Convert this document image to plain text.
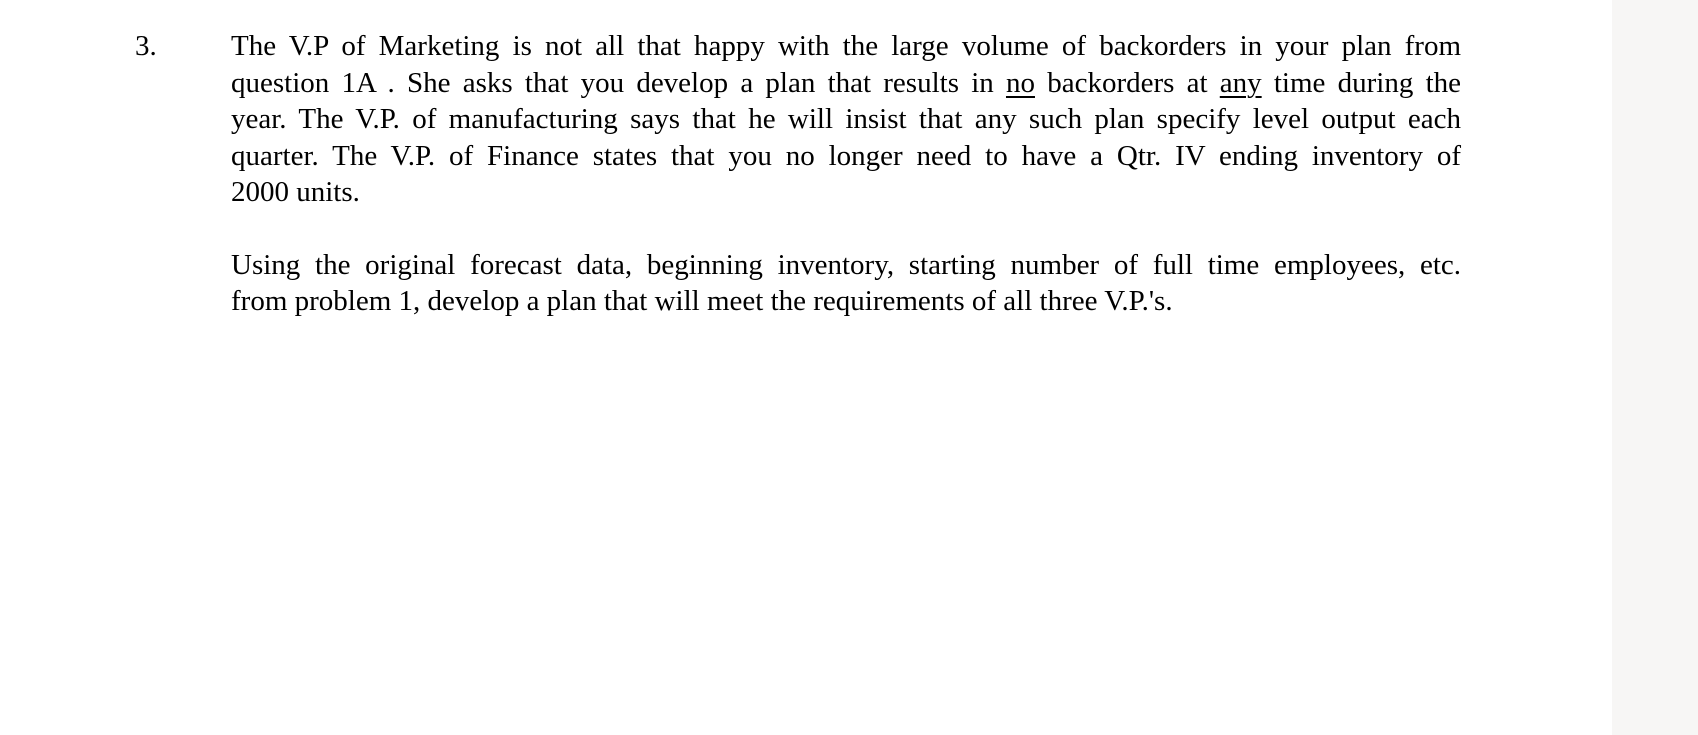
3.	The V.P of Marketing is not all that happy with the large volume of backorders in your plan from
question 1A . She asks that you develop a plan that results in no backorders at any time during the
year. The V.P. of manufacturing says that he will insist that any such plan specify level output each
quarter. The V.P. of Finance states that you no longer need to have a Qtr. IV ending inventory of
2000 units.

Using the original forecast data, beginning inventory, starting number of full time employees, etc.
from problem 1, develop a plan that will meet the requirements of all three V.P.'s.
